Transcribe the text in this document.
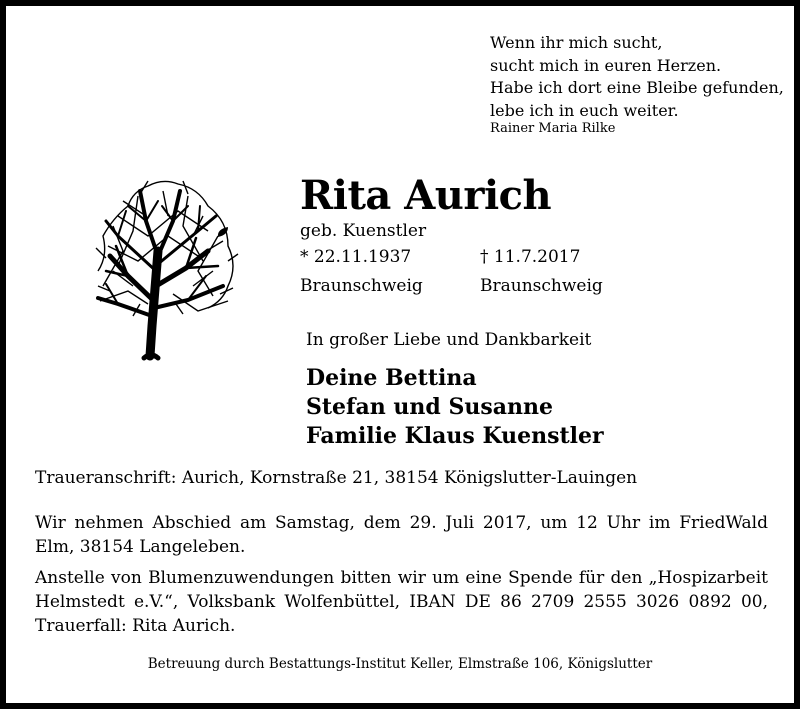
Wenn ihr mich sucht,
sucht mich in euren Herzen.
Habe ich dort eine Bleibe gefunden,
lebe ich in euch weiter.
Rainer Maria Rilke
Rita Aurich
geb. Kuenstler
* 22.11.1937
Braunschweig
† 11.7.2017
Braunschweig
In großer Liebe und Dankbarkeit
Deine Bettina
Stefan und Susanne
Familie Klaus Kuenstler
Traueranschrift: Aurich, Kornstraße 21, 38154 Königslutter-Lauingen
Wir nehmen Abschied am Samstag, dem 29. Juli 2017, um 12 Uhr im FriedWald Elm, 38154 Langeleben.
Anstelle von Blumenzuwendungen bitten wir um eine Spende für den „Hospizarbeit Helmstedt e.V.“, Volksbank Wolfenbüttel, IBAN DE 86 2709 2555 3026 0892 00, Trauerfall: Rita Aurich.
Betreuung durch Bestattungs-Institut Keller, Elmstraße 106, Königslutter
